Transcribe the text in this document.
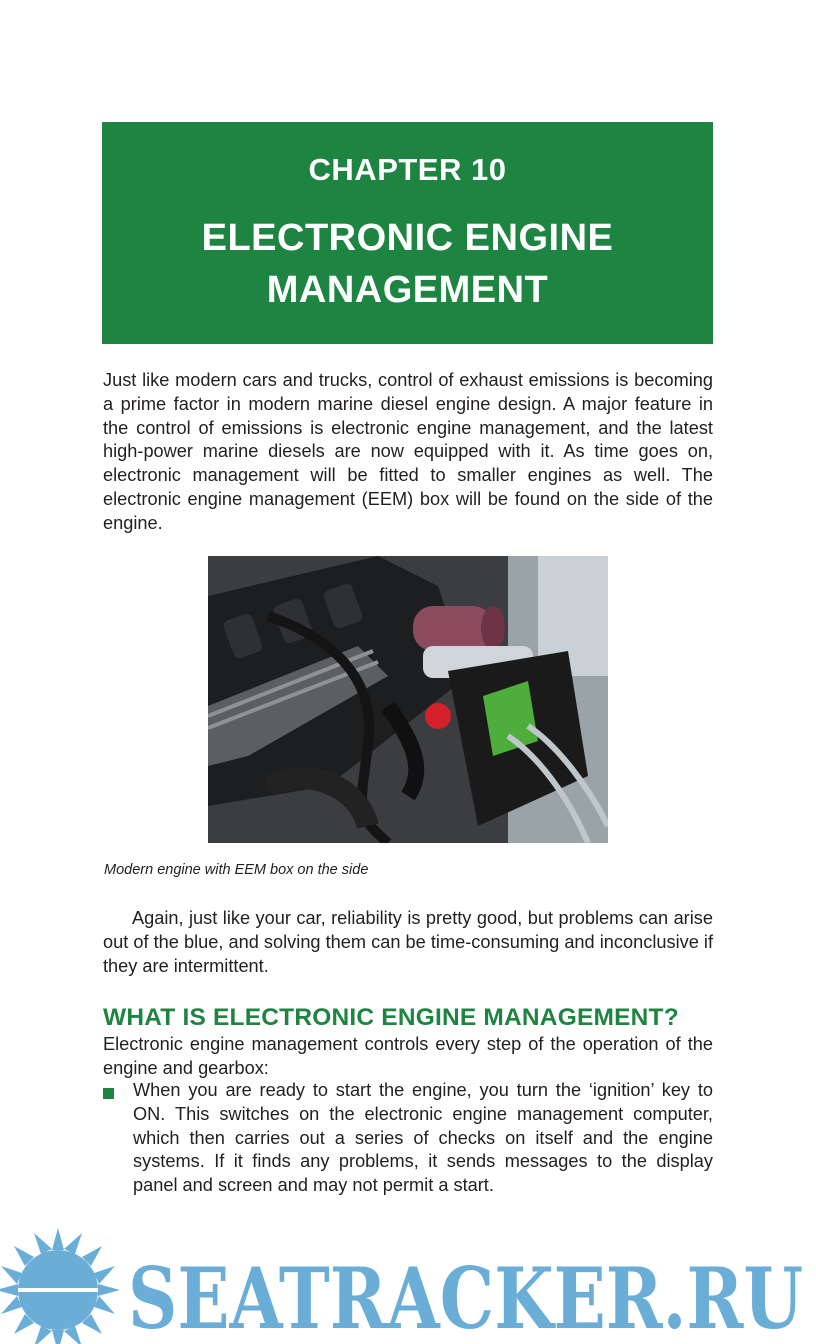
CHAPTER 10
ELECTRONIC ENGINE
MANAGEMENT

Just like modern cars and trucks, control of exhaust emissions is becoming a prime factor in modern marine diesel engine design. A major feature in the control of emissions is electronic engine management, and the latest high-power marine diesels are now equipped with it. As time goes on, electronic management will be fitted to smaller engines as well. The electronic engine management (EEM) box will be found on the side of the engine.

Modern engine with EEM box on the side

Again, just like your car, reliability is pretty good, but problems can arise out of the blue, and solving them can be time-consuming and inconclusive if they are intermittent.

WHAT IS ELECTRONIC ENGINE MANAGEMENT?

Electronic engine management controls every step of the operation of the engine and gearbox:

When you are ready to start the engine, you turn the ‘ignition’ key to ON. This switches on the electronic engine management computer, which then carries out a series of checks on itself and the engine systems. If it finds any problems, it sends messages to the display panel and screen and may not permit a start.
SEATRACKER.RU
